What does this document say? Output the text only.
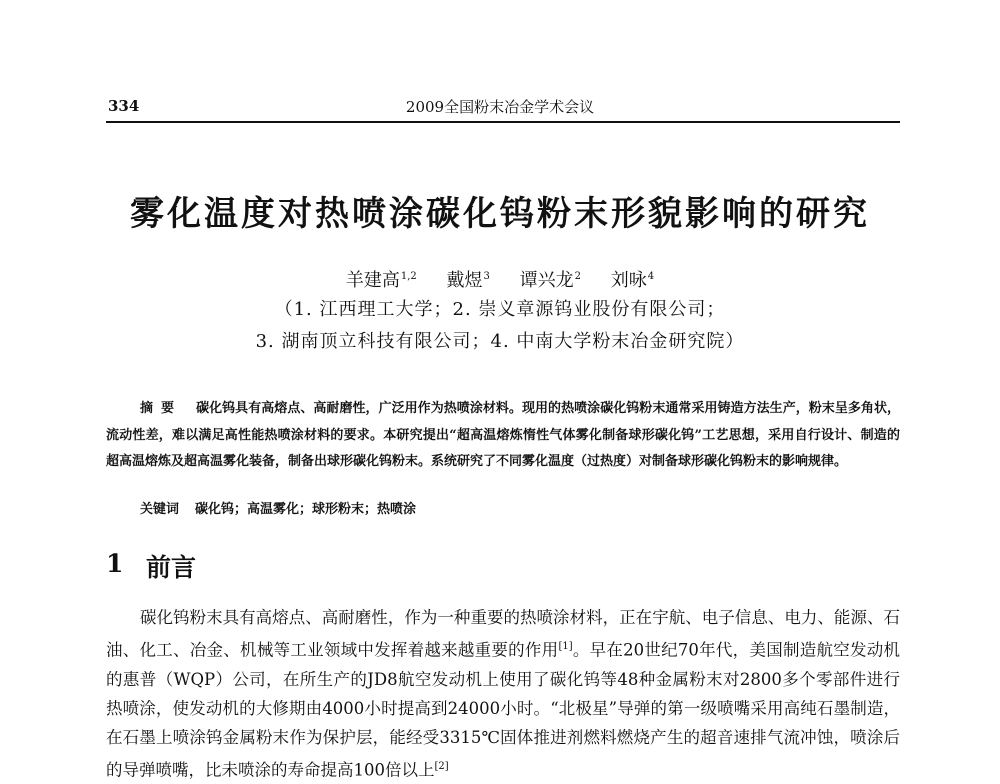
334	2009全国粉末冶金学术会议
雾化温度对热喷涂碳化钨粉末形貌影响的研究
羊建高$^{1,2}$ 戴煜$^3$ 谭兴龙$^2$ 刘咏$^4$
（1. 江西理工大学；2. 崇义章源钨业股份有限公司；
3. 湖南顶立科技有限公司；4. 中南大学粉末冶金研究院）
摘要 碳化钨具有高熔点、高耐磨性，广泛用作为热喷涂材料。现用的热喷涂碳化钨粉末通常采用铸造方法生产，粉末呈多角状，流动性差，难以满足高性能热喷涂材料的要求。本研究提出“超高温熔炼惰性气体雾化制备球形碳化钨”工艺思想，采用自行设计、制造的超高温熔炼及超高温雾化装备，制备出球形碳化钨粉末。系统研究了不同雾化温度（过热度）对制备球形碳化钨粉末的影响规律。
关键词 碳化钨；高温雾化；球形粉末；热喷涂
1 前言
碳化钨粉末具有高熔点、高耐磨性，作为一种重要的热喷涂材料，正在宇航、电子信息、电力、能源、石油、化工、冶金、机械等工业领域中发挥着越来越重要的作用[1]。早在20世纪70年代，美国制造航空发动机的惠普（WQP）公司，在所生产的JD8航空发动机上使用了碳化钨等48种金属粉末对2800多个零部件进行热喷涂，使发动机的大修期由4000小时提高到24000小时。“北极星”导弹的第一级喷嘴采用高纯石墨制造，在石墨上喷涂钨金属粉末作为保护层，能经受3315℃固体推进剂燃料燃烧产生的超音速排气流冲蚀，喷涂后的导弹喷嘴，比未喷涂的寿命提高100倍以上[2]
